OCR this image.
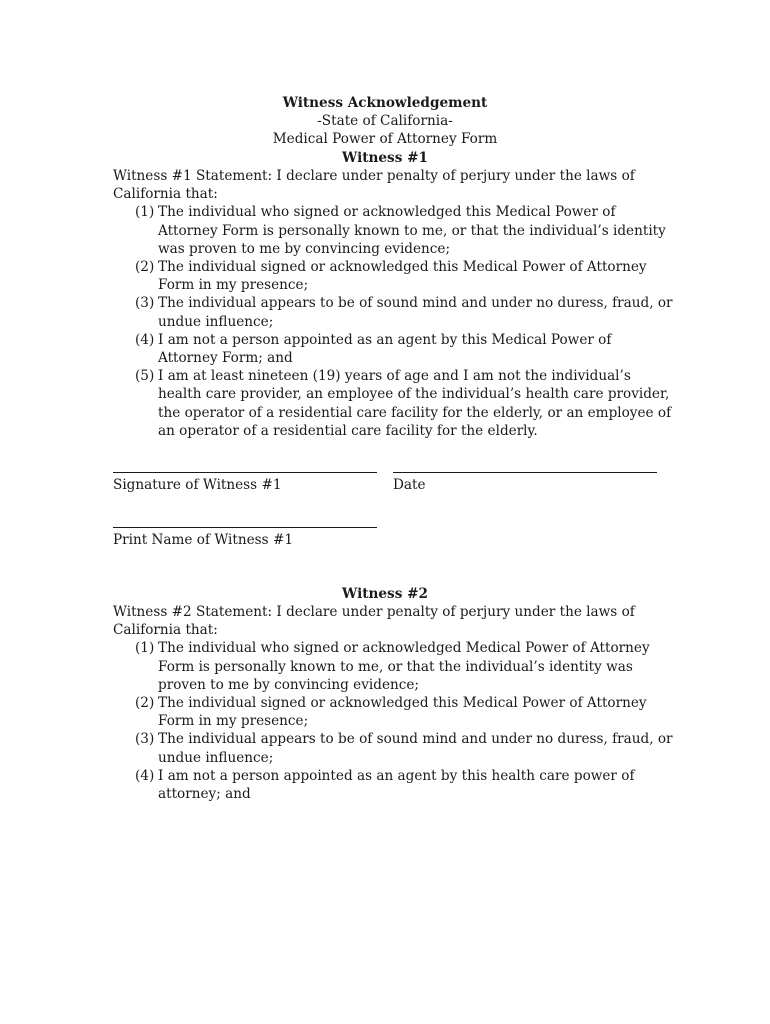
Witness Acknowledgement
-State of California-
Medical Power of Attorney Form
Witness #1
Witness #1 Statement: I declare under penalty of perjury under the laws of California that:
(1) The individual who signed or acknowledged this Medical Power of Attorney Form is personally known to me, or that the individual’s identity was proven to me by convincing evidence;
(2) The individual signed or acknowledged this Medical Power of Attorney Form in my presence;
(3) The individual appears to be of sound mind and under no duress, fraud, or undue influence;
(4) I am not a person appointed as an agent by this Medical Power of Attorney Form; and
(5) I am at least nineteen (19) years of age and I am not the individual’s health care provider, an employee of the individual’s health care provider, the operator of a residential care facility for the elderly, or an employee of an operator of a residential care facility for the elderly.
Signature of Witness #1	Date
Print Name of Witness #1
Witness #2
Witness #2 Statement: I declare under penalty of perjury under the laws of California that:
(1) The individual who signed or acknowledged Medical Power of Attorney Form is personally known to me, or that the individual’s identity was proven to me by convincing evidence;
(2) The individual signed or acknowledged this Medical Power of Attorney Form in my presence;
(3) The individual appears to be of sound mind and under no duress, fraud, or undue influence;
(4) I am not a person appointed as an agent by this health care power of attorney; and
